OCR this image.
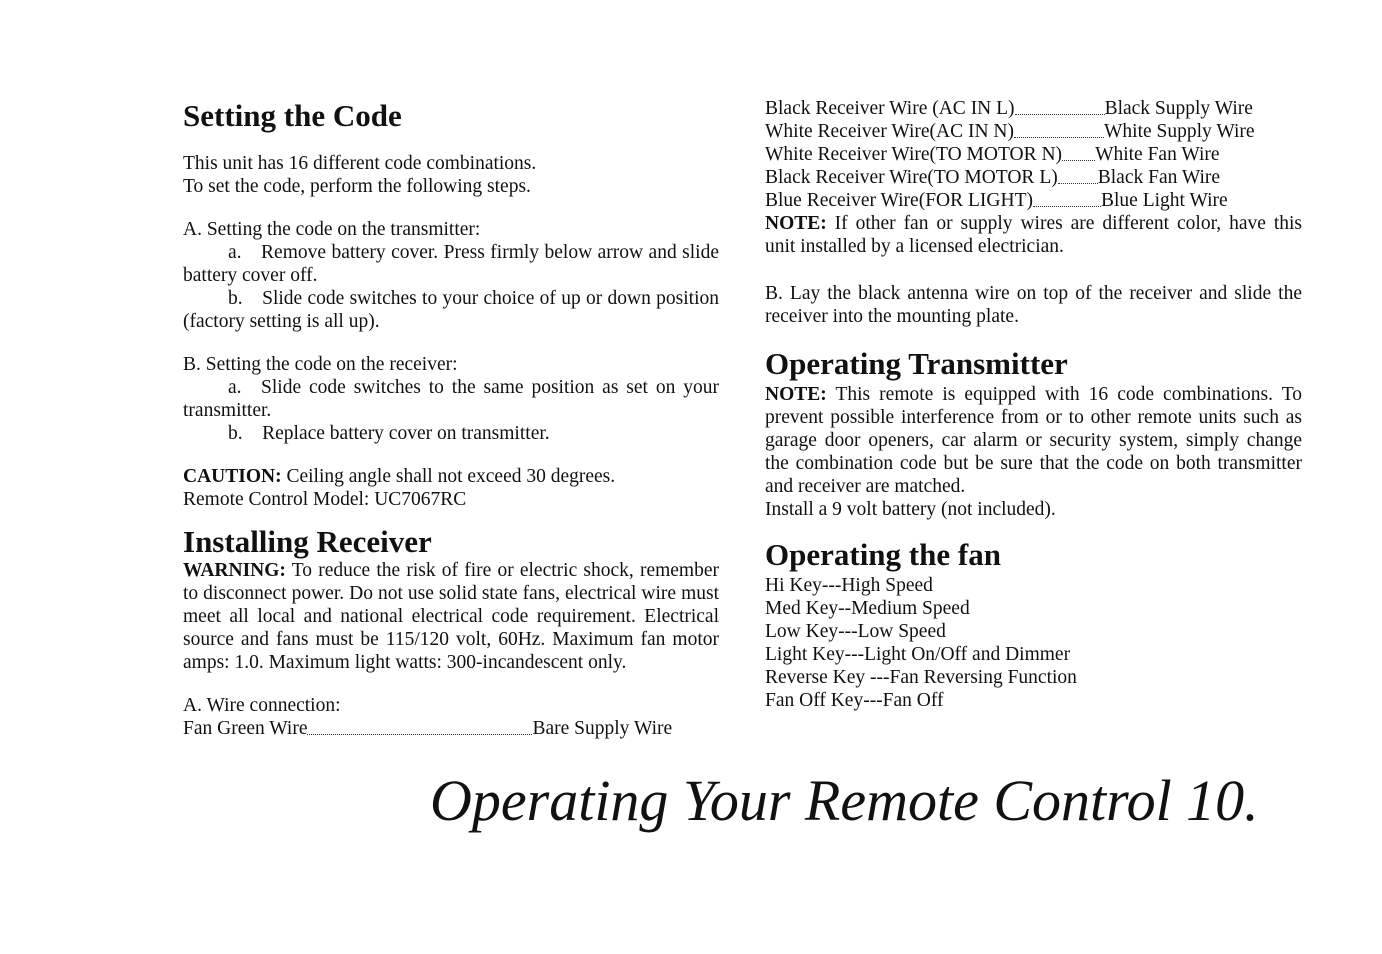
Setting the Code

This unit has 16 different code combinations.

To set the code, perform the following steps.

A. Setting the code on the transmitter:

a. Remove battery cover. Press firmly below arrow and slide battery cover off.

b. Slide code switches to your choice of up or down position (factory setting is all up).

B. Setting the code on the receiver:

a. Slide code switches to the same position as set on your transmitter.

b. Replace battery cover on transmitter.

CAUTION: Ceiling angle shall not exceed 30 degrees.

Remote Control Model: UC7067RC

Installing Receiver

WARNING: To reduce the risk of fire or electric shock, remember to disconnect power. Do not use solid state fans, electrical wire must meet all local and national electrical code requirement. Electrical source and fans must be 115/120 volt, 60Hz. Maximum fan motor amps: 1.0. Maximum light watts: 300-incandescent only.

A. Wire connection:

Fan Green Wire	Bare Supply Wire
Black Receiver Wire (AC IN L)	Black Supply Wire
White Receiver Wire(AC IN N)	White Supply Wire
White Receiver Wire(TO MOTOR N) White Fan Wire
Black Receiver Wire(TO MOTOR L) Black Fan Wire
Blue Receiver Wire(FOR LIGHT)	Blue Light Wire

NOTE: If other fan or supply wires are different color, have this unit installed by a licensed electrician.

B. Lay the black antenna wire on top of the receiver and slide the receiver into the mounting plate.

Operating Transmitter

NOTE: This remote is equipped with 16 code combinations. To prevent possible interference from or to other remote units such as garage door openers, car alarm or security system, simply change the combination code but be sure that the code on both transmitter and receiver are matched.

Install a 9 volt battery (not included).

Operating the fan

Hi Key---High Speed

Med Key--Medium Speed

Low Key---Low Speed

Light Key---Light On/Off and Dimmer

Reverse Key ---Fan Reversing Function

Fan Off Key---Fan Off

Operating Your Remote Control 10.
